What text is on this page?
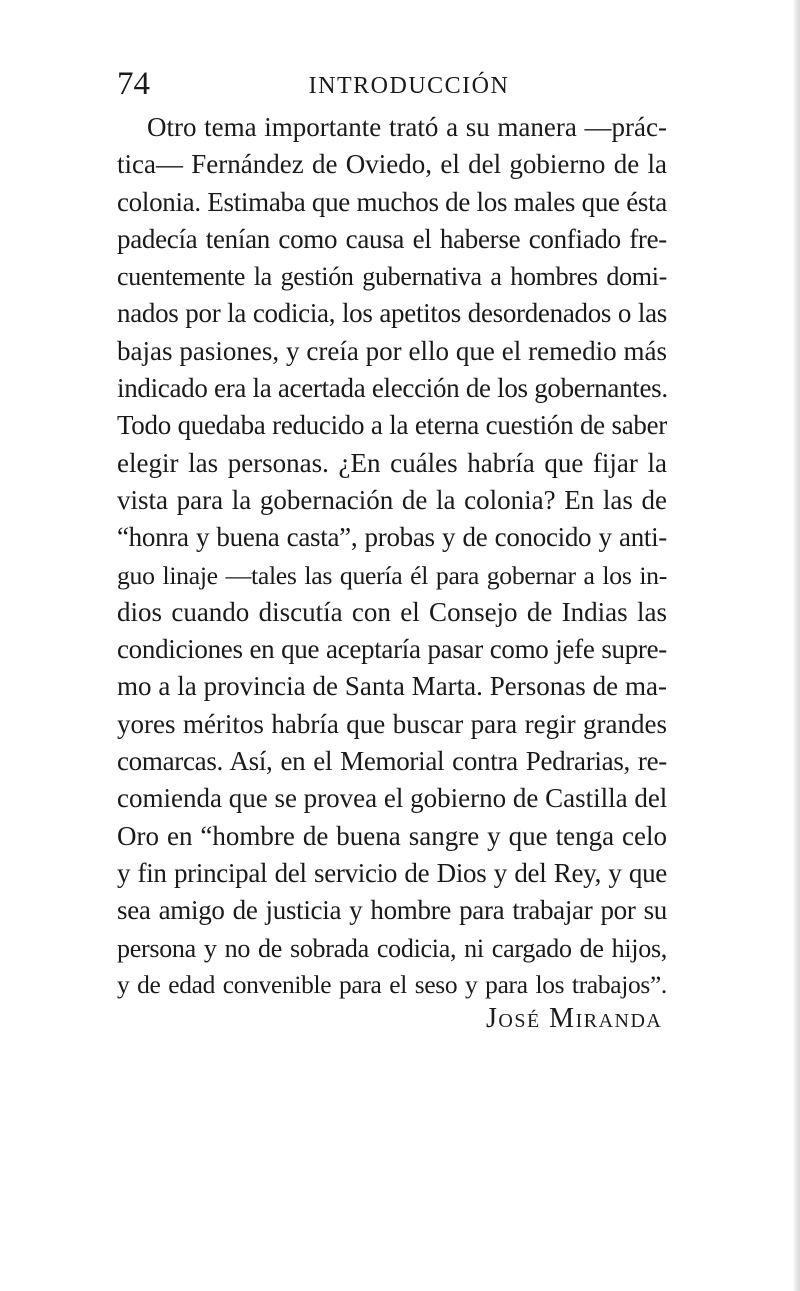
74	INTRODUCCIÓN

Otro tema importante trató a su manera —prác-
tica— Fernández de Oviedo, el del gobierno de la
colonia. Estimaba que muchos de los males que ésta
padecía tenían como causa el haberse confiado fre-
cuentemente la gestión gubernativa a hombres domi-
nados por la codicia, los apetitos desordenados o las
bajas pasiones, y creía por ello que el remedio más
indicado era la acertada elección de los gobernantes.
Todo quedaba reducido a la eterna cuestión de saber
elegir las personas. ¿En cuáles habría que fijar la
vista para la gobernación de la colonia? En las de
“honra y buena casta”, probas y de conocido y anti-
guo linaje —tales las quería él para gobernar a los in-
dios cuando discutía con el Consejo de Indias las
condiciones en que aceptaría pasar como jefe supre-
mo a la provincia de Santa Marta. Personas de ma-
yores méritos habría que buscar para regir grandes
comarcas. Así, en el Memorial contra Pedrarias, re-
comienda que se provea el gobierno de Castilla del
Oro en “hombre de buena sangre y que tenga celo
y fin principal del servicio de Dios y del Rey, y que
sea amigo de justicia y hombre para trabajar por su
persona y no de sobrada codicia, ni cargado de hijos,
y de edad convenible para el seso y para los trabajos”.

José Miranda
